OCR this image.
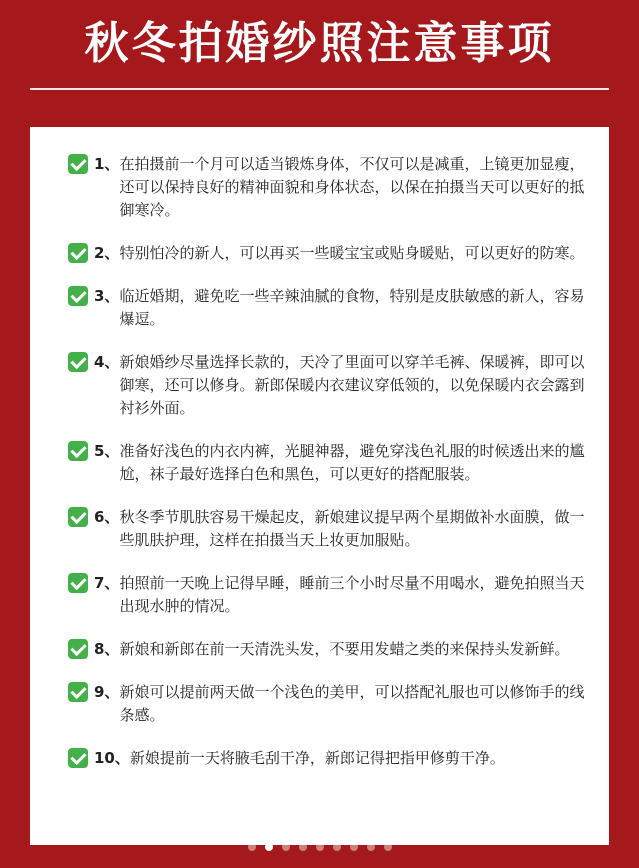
秋冬拍婚纱照注意事项
1、 在拍摄前一个月可以适当锻炼身体，不仅可以是减重，上镜更加显瘦，还可以保持良好的精神面貌和身体状态，以保在拍摄当天可以更好的抵御寒冷。
2、 特别怕冷的新人，可以再买一些暖宝宝或贴身暖贴，可以更好的防寒。
3、 临近婚期，避免吃一些辛辣油腻的食物，特别是皮肤敏感的新人，容易爆逗。
4、 新娘婚纱尽量选择长款的，天冷了里面可以穿羊毛裤、保暖裤，即可以御寒，还可以修身。新郎保暖内衣建议穿低领的，以免保暖内衣会露到衬衫外面。
5、 准备好浅色的内衣内裤，光腿神器，避免穿浅色礼服的时候透出来的尴尬，袜子最好选择白色和黑色，可以更好的搭配服装。
6、 秋冬季节肌肤容易干燥起皮，新娘建议提早两个星期做补水面膜，做一些肌肤护理，这样在拍摄当天上妆更加服贴。
7、 拍照前一天晚上记得早睡，睡前三个小时尽量不用喝水，避免拍照当天出现水肿的情况。
8、 新娘和新郎在前一天清洗头发，不要用发蜡之类的来保持头发新鲜。
9、 新娘可以提前两天做一个浅色的美甲，可以搭配礼服也可以修饰手的线条感。
10、 新娘提前一天将腋毛刮干净，新郎记得把指甲修剪干净。
